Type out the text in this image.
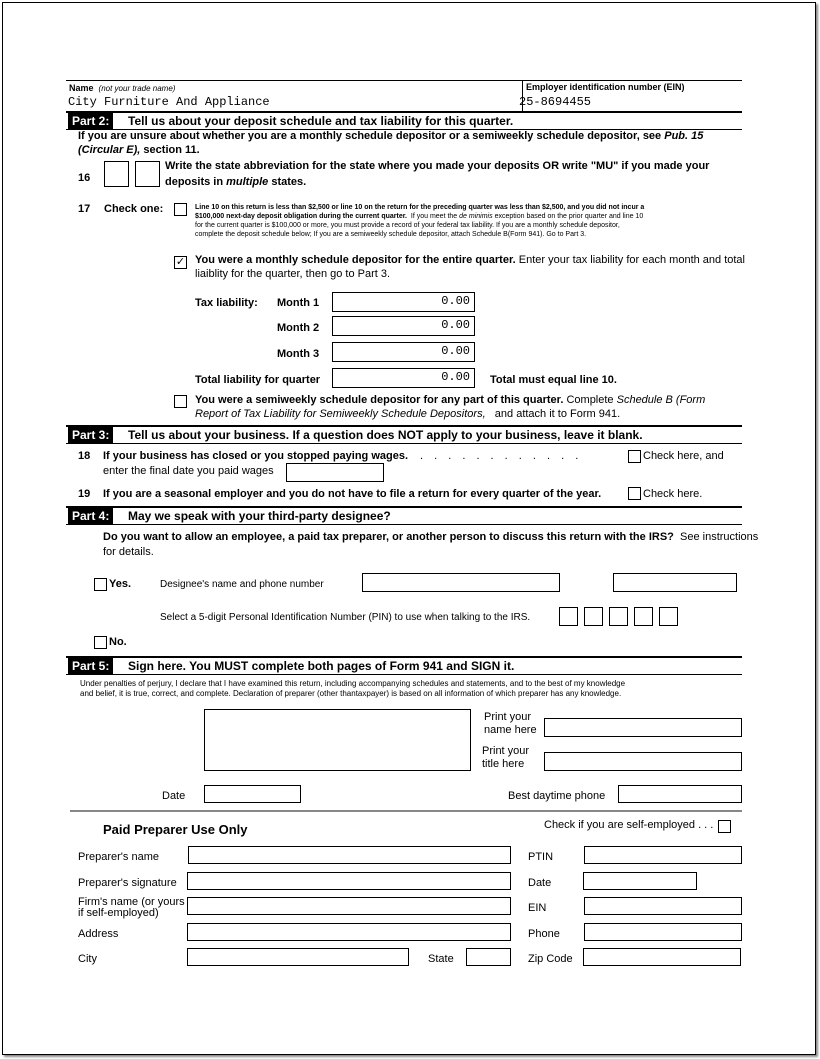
Name (not your trade name)
City Furniture And Appliance
Employer identification number (EIN)
25-8694455
Part 2:	Tell us about your deposit schedule and tax liability for this quarter.
If you are unsure about whether you are a monthly schedule depositor or a semiweekly schedule depositor, see Pub. 15
(Circular E), section 11.
16
Write the state abbreviation for the state where you made your deposits OR write "MU" if you made your
deposits in multiple states.
17 Check one:	Line 10 on this return is less than $2,500 or line 10 on the return for the preceding quarter was less than $2,500, and you did not incur a
$100,000 next-day deposit obligation during the current quarter. If you meet the de minimis exception based on the prior quarter and line 10
for the current quarter is $100,000 or more, you must provide a record of your federal tax liability. If you are a monthly schedule depositor,
complete the deposit schedule below; If you are a semiweekly schedule depositor, attach Schedule B(Form 941). Go to Part 3.
✓ You were a monthly schedule depositor for the entire quarter. Enter your tax liability for each month and total
liaiblity for the quarter, then go to Part 3.
Tax liability: Month 1	0.00
Month 2	0.00
Month 3	0.00
Total liability for quarter	0.00 Total must equal line 10.
You were a semiweekly schedule depositor for any part of this quarter. Complete Schedule B (Form
Report of Tax Liability for Semiweekly Schedule Depositors, and attach it to Form 941.
Part 3:	Tell us about your business. If a question does NOT apply to your business, leave it blank.
18 If your business has closed or you stopped paying wages. . . . . . . . . . . . .	Check here, and
enter the final date you paid wages
19 If you are a seasonal employer and you do not have to file a return for every quarter of the year.	Check here.
Part 4:	May we speak with your third-party designee?
Do you want to allow an employee, a paid tax preparer, or another person to discuss this return with the IRS? See instructions
for details.
Yes.	Designee's name and phone number
Select a 5-digit Personal Identification Number (PIN) to use when talking to the IRS.
No.
Part 5:	Sign here. You MUST complete both pages of Form 941 and SIGN it.
Under penalties of perjury, I declare that I have examined this return, including accompanying schedules and statements, and to the best of my knowledge
and belief, it is true, correct, and complete. Declaration of preparer (other thantaxpayer) is based on all information of which preparer has any knowledge.
Print your
name here
Print your
title here
Date	Best daytime phone
Paid Preparer Use Only	Check if you are self-employed . . .
Preparer's name	PTIN
Preparer's signature	Date
Firm's name (or yours
if self-employed)	EIN
Address	Phone
City	State	Zip Code
